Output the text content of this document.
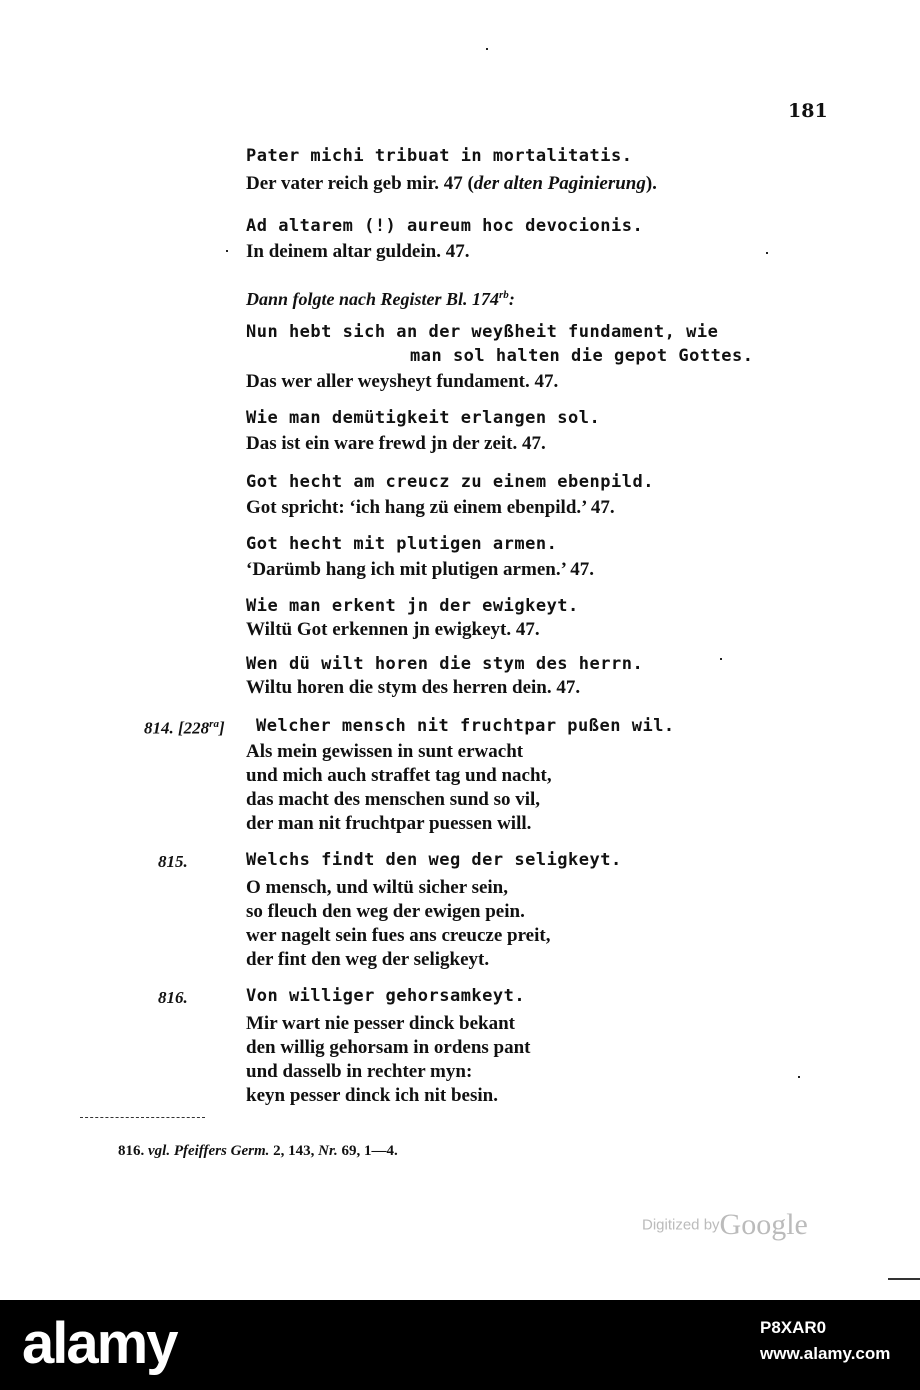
181
Pater michi tribuat in mortalitatis.
Der vater reich geb mir. 47 (der alten Paginierung).
Ad altarem (!) aureum hoc devocionis.
In deinem altar guldein. 47.
Dann folgte nach Register Bl. $174^{rb}$:
Nun hebt sich an der weyßheit fundament, wie
man sol halten die gepot Gottes.
Das wer aller weysheyt fundament. 47.
Wie man demütigkeit erlangen sol.
Das ist ein ware frewd jn der zeit. 47.
Got hecht am creucz zu einem ebenpild.
Got spricht: ‘ich hang zü einem ebenpild.’ 47.
Got hecht mit plutigen armen.
‘Darümb hang ich mit plutigen armen.’ 47.
Wie man erkent jn der ewigkeyt.
Wiltü Got erkennen jn ewigkeyt. 47.
Wen dü wilt horen die stym des herrn.
Wiltu horen die stym des herren dein. 47.
Welcher mensch nit fruchtpar pußen wil.
Als mein gewissen in sunt erwacht
und mich auch straffet tag und nacht,
das macht des menschen sund so vil,
der man nit fruchtpar puessen will.
Welchs findt den weg der seligkeyt.
O mensch, und wiltü sicher sein,
so fleuch den weg der ewigen pein.
wer nagelt sein fues ans creucze preit,
der fint den weg der seligkeyt.
Von williger gehorsamkeyt.
Mir wart nie pesser dinck bekant
den willig gehorsam in ordens pant
und dasselb in rechter myn:
keyn pesser dinck ich nit besin.
814. $[228^{ra}]$
815.
816.
816. vgl. Pfeiffers Germ. 2, 143, Nr. 69, 1—4.
Digitized byGoogle
alamy	P8XAR0
www.alamy.com
